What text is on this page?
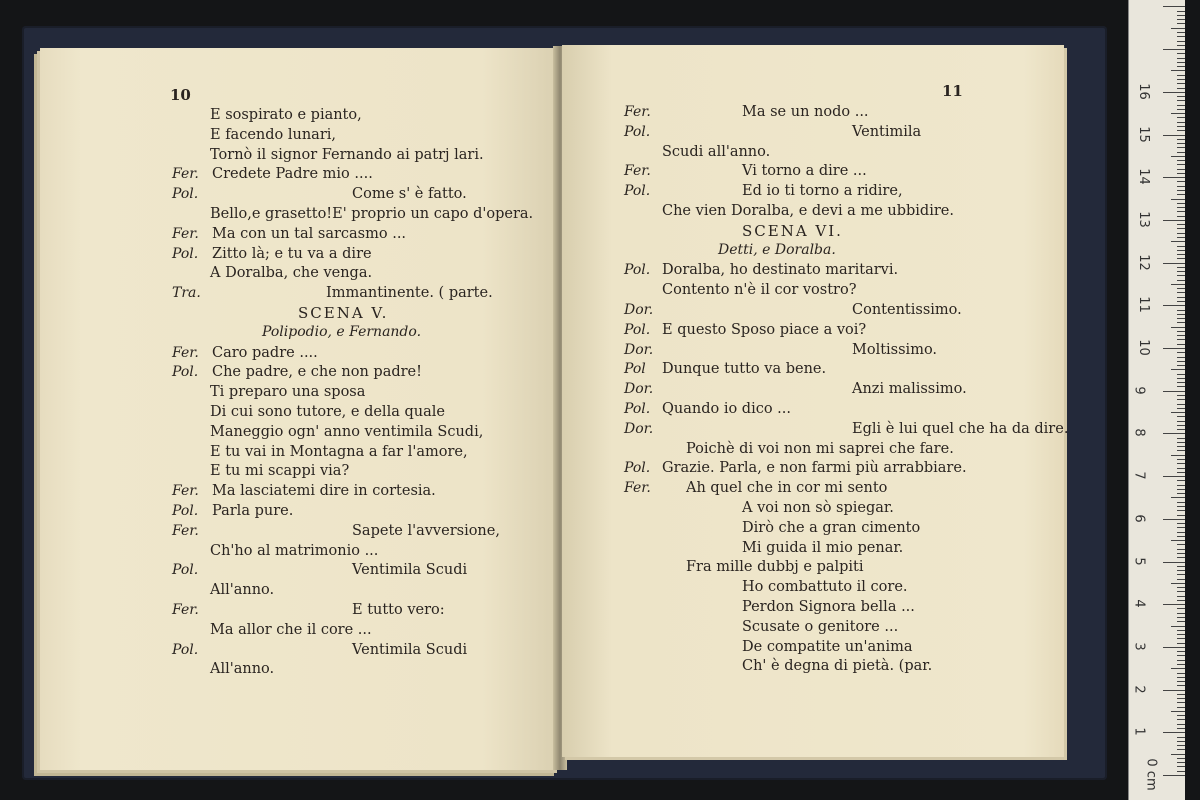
10
E sospirato e pianto,
E facendo lunari,
Tornò il signor Fernando ai patrj lari.
Fer. Credete Padre mio ....
Pol.	Come s' è fatto.
Bello,e grasetto!E' proprio un capo d'opera.
Fer. Ma con un tal sarcasmo ...
Pol. Zitto là; e tu va a dire
A Doralba, che venga.
Tra.	Immantinente. ( parte.
SCENA V.
Polipodio, e Fernando.
Fer. Caro padre ....
Pol. Che padre, e che non padre!
Ti preparo una sposa
Di cui sono tutore, e della quale
Maneggio ogn' anno ventimila Scudi,
E tu vai in Montagna a far l'amore,
E tu mi scappi via?
Fer. Ma lasciatemi dire in cortesia.
Pol. Parla pure.
Fer.	Sapete l'avversione,
Ch'ho al matrimonio ...
Pol.	Ventimila Scudi
All'anno.
Fer.	E tutto vero:
Ma allor che il core ...
Pol.	Ventimila Scudi
All'anno.
11
Fer.	Ma se un nodo ...
Pol.	Ventimila
Scudi all'anno.
Fer.	Vi torno a dire ...
Pol.	Ed io ti torno a ridire,
Che vien Doralba, e devi a me ubbidire.
SCENA VI.
Detti, e Doralba.
Pol. Doralba, ho destinato maritarvi.
Contento n'è il cor vostro?
Dor.	Contentissimo.
Pol. E questo Sposo piace a voi?
Dor.	Moltissimo.
Pol Dunque tutto va bene.
Dor.	Anzi malissimo.
Pol. Quando io dico ...
Dor.	Egli è lui quel che ha da dire.
Poichè di voi non mi saprei che fare.
Pol. Grazie. Parla, e non farmi più arrabbiare.
Fer. Ah quel che in cor mi sento
A voi non sò spiegar.
Dirò che a gran cimento
Mi guida il mio penar.
Fra mille dubbj e palpiti
Ho combattuto il core.
Perdon Signora bella ...
Scusate o genitore ...
De compatite un'anima
Ch' è degna di pietà. (par.
0 cm
1
2
3
4
5
6
7
8
9
10
11
12
13
14
15
16
